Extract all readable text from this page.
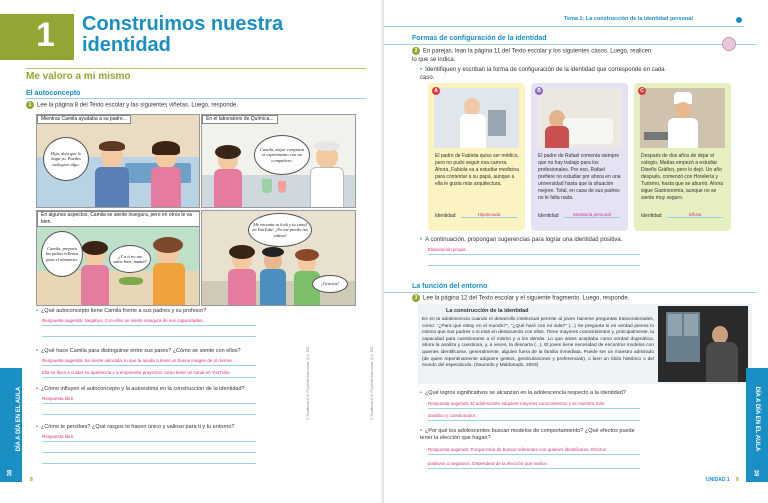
1 Construimos nuestra identidad
Me valoro a mi mismo
El autoconcepto
1 Lee la página 8 del Texto escolar y las siguientes viñetas. Luego, responde.
Mientras Camila ayudaba a su padre...
Hija, deja que lo haga yo. Puedes malograr algo.
En el laboratorio de Química...
Camila, mejor comparta el experimento con un compañero.
En algunos aspectos, Camila se siente insegura, pero en otros le va bien.
Camila, prepara las palias rellenas para el almuerzo.
¿Y a ti no me salen bien, mamá?
Me encanta tu look y tu canal en YouTube. ¡No me pierdo tus videos!
¡Gracias!
• ¿Qué autoconcepto tiene Camila frente a sus padres y su profesor?
Respuesta sugerida: Negativo. Con ellos se siente insegura de sus capacidades.
• ¿Qué hace Camila para distinguirse entre sus pares? ¿Cómo se siente con ellos?
Respuesta sugerida: Se siente valorada, lo que la ayuda a tener un buena imagen de sí misma.
Ella se lleva a cuidar su apariencia y a emprender proyectos como tener un canal en YouTube.
• ¿Cómo influyen el autoconcepto y la autoestima en la construcción de la identidad?
Respuesta libre.
• ¿Cómo te percibes? ¿Qué rasgos te hacen único y valioso para ti y tu entorno?
Respuesta libre.
DÍA A DÍA EN EL AULA
38
© Santillana S.A. Prohibido fotocopiar. D.L. 822	© Santillana S.A. Prohibido fotocopiar. D.L. 822
8
Tema 1: La construcción de la identidad personal
Formas de configuración de la identidad
2 En parejas, lean la página 11 del Texto escolar y los siguientes casos. Luego, realicen lo que se indica.
• Identifiquen y escriban la forma de configuración de la identidad que corresponde en cada caso.
A
El padre de Fabiola quiso ser médico, pero no pudo seguir esa carrera. Ahora, Fabiola va a estudiar medicina para contentar a su papá, aunque a ella le gusta más arquitectura.
Identidad	Hipotecada
B
El padre de Rafael comenta siempre que no hay trabajo para los profesionales. Por eso, Rafael prefiere no estudiar por ahora en una universidad hasta que la situación mejore. Total, en casa de sus padres no le falta nada.
Identidad	Moratoria personal
C
Después de dos años de dejar el colegio, Matías empezó a estudiar Diseño Gráfico, pero lo dejó. Un año después, comenzó con Hotelería y Turismo, hasta que se aburrió. Ahora sigue Gastronomía, aunque no se siente muy seguro.
Identidad	Difusa
• A continuación, propongan sugerencias para lograr una identidad positiva.
Elaboración propia.
La función del entorno
3 Lee la página 12 del Texto escolar y el siguiente fragmento. Luego, responde.
La construcción de la identidad
Es en la adolescencia cuando el desarrollo intelectual permite al joven hacerse preguntas trascendentales, como: "¿Para qué estoy en el mundo?", "¿Qué haré con mi vida?" (...) Se pregunta si en verdad piensa lo mismo que sus padres o si está en desacuerdo con ellos. Tiene mayores conocimientos y, principalmente, la capacidad para cuestionarse a sí mismo y a los demás. Lo que antes aceptaba como verdad dogmática, ahora la analiza y cuestiona, y, a veces, la descarta (...). El joven tiene necesidad de encontrar modelos con quienes identificarse, generalmente, alguien fuera de la familia inmediata. Puede ser un maestro admirado (de quien repentinamente adquiere gestos, gesticulaciones y preferencias), o bien un ídolo histórico o del mundo del espectáculo. (Saucedo y Maldonado, 2003)
• ¿Qué logros significativos se alcanzan en la adolescencia respecto a la identidad?
Respuesta sugerida: El adolescente adquiere mayores conocimientos y se muestra más
analítico y cuestionador.
• ¿Por qué los adolescentes buscan modelos de comportamiento? ¿Qué efectos puede tener la elección que hagan?
Respuesta sugerida: Porque traía de buscar referentes con quienes identificarse. Efectos
positivos o negativos. Dependerá de la elección que realice.
DÍA A DÍA EN EL AULA
39
UNIDAD 1 9
